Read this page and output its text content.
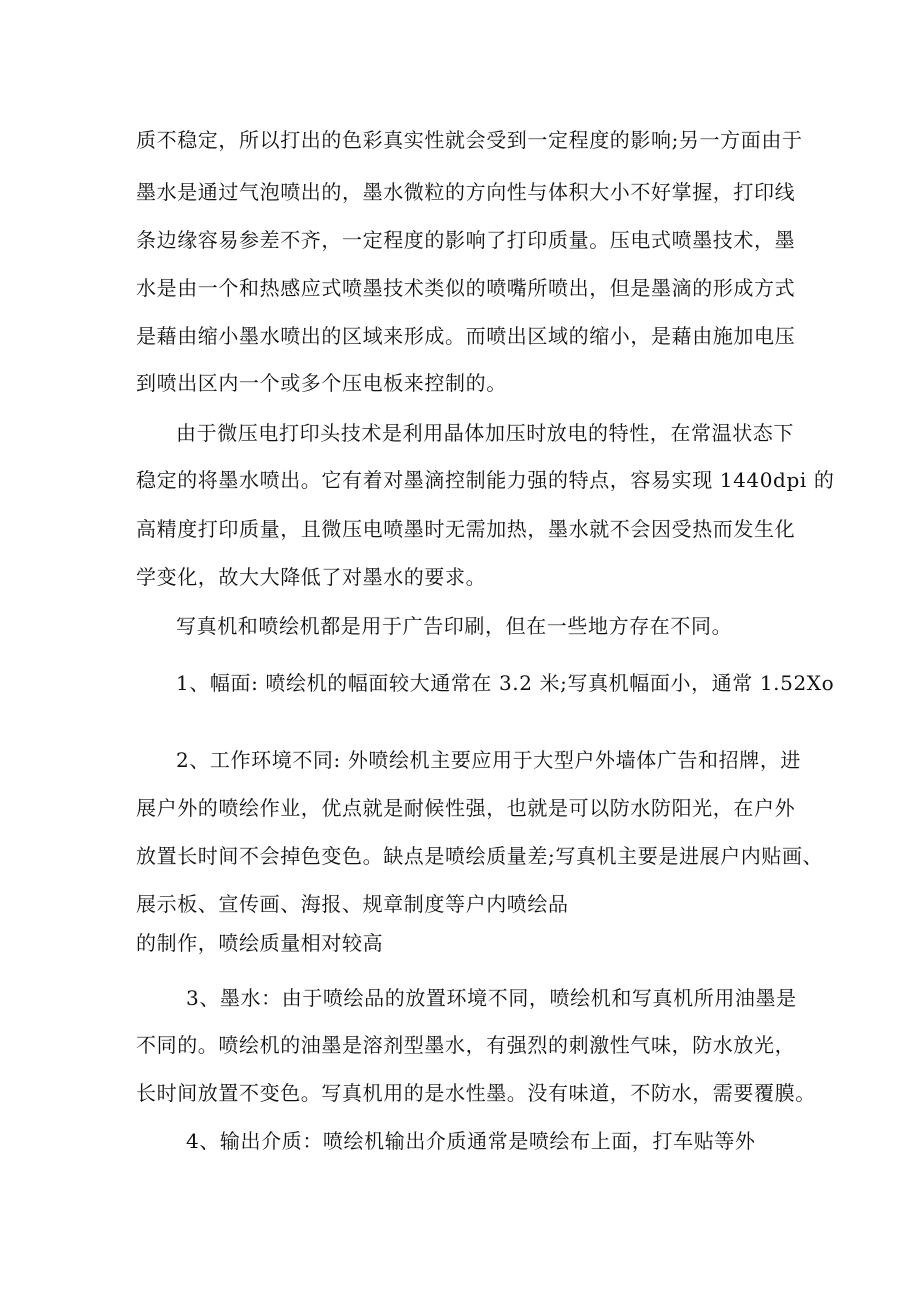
质不稳定，所以打出的色彩真实性就会受到一定程度的影响;另一方面由于
墨水是通过气泡喷出的，墨水微粒的方向性与体积大小不好掌握，打印线
条边缘容易参差不齐，一定程度的影响了打印质量。压电式喷墨技术，墨
水是由一个和热感应式喷墨技术类似的喷嘴所喷出，但是墨滴的形成方式
是藉由缩小墨水喷出的区域来形成。而喷出区域的缩小，是藉由施加电压
到喷出区内一个或多个压电板来控制的。
由于微压电打印头技术是利用晶体加压时放电的特性，在常温状态下
稳定的将墨水喷出。它有着对墨滴控制能力强的特点，容易实现 1440dpi 的
高精度打印质量，且微压电喷墨时无需加热，墨水就不会因受热而发生化
学变化，故大大降低了对墨水的要求。
写真机和喷绘机都是用于广告印刷，但在一些地方存在不同。
1、幅面: 喷绘机的幅面较大通常在 3.2 米;写真机幅面小，通常 1.52Xo
2、工作环境不同: 外喷绘机主要应用于大型户外墙体广告和招牌，进
展户外的喷绘作业，优点就是耐候性强，也就是可以防水防阳光，在户外
放置长时间不会掉色变色。缺点是喷绘质量差;写真机主要是进展户内贴画、
展示板、宣传画、海报、规章制度等户内喷绘品
的制作，喷绘质量相对较高
3、墨水：由于喷绘品的放置环境不同，喷绘机和写真机所用油墨是
不同的。喷绘机的油墨是溶剂型墨水，有强烈的刺激性气味，防水放光，
长时间放置不变色。写真机用的是水性墨。没有味道，不防水，需要覆膜。
4、输出介质：喷绘机输出介质通常是喷绘布上面，打车贴等外
